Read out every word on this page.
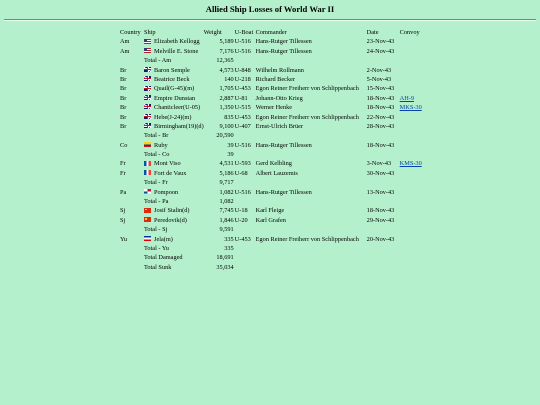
Allied Ship Losses of World War II
Country	Ship	Weight	U-Boat	Commander	Date	Convoy
Am	Elizabeth Kellogg	5,189	U-516	Hans-Rutger Tillessen	23-Nov-43	
Am	Melville E. Stone	7,176	U-516	Hans-Rutger Tillessen	24-Nov-43	
	Total - Am	12,365				
Br	Baron Semple	4,573	U-848	Wilhelm Rollmann	2-Nov-43	
Br	Beatrice Beck	140	U-218	Richard Becker	5-Nov-43	
Br	Quail(G-45)(m)	1,705	U-453	Egon Reiner Freiherr von Schlippenbach	15-Nov-43	
Br	Empire Dunstan	2,887	U-81	Johann-Otto Krieg	18-Nov-43	AH-9
Br	Chanticleer(U-05)	1,350	U-515	Werner Henke	18-Nov-43	MKS-30
Br	Hebe(J-24)(m)	835	U-453	Egon Reiner Freiherr von Schlippenbach	22-Nov-43	
Br	Birmingham(19)(d)	9,100	U-407	Ernst-Ulrich Brüer	28-Nov-43	
	Total - Br	20,590				
Co	Ruby	39	U-516	Hans-Rutger Tillessen	18-Nov-43	
	Total - Co	39				
Fr	Mont Viso	4,531	U-593	Gerd Kelbling	3-Nov-43	KMS-30
Fr	Fort de Vaux	5,186	U-68	Albert Lauzemis	30-Nov-43	
	Total - Fr	9,717				
Pa	Pompoon	1,082	U-516	Hans-Rutger Tillessen	13-Nov-43	
	Total - Pa	1,082				
Sj	Josif Stalin(d)	7,745	U-18	Karl Fleige	18-Nov-43	
Sj	Peredovik(d)	1,846	U-20	Karl Grafen	29-Nov-43	
	Total - Sj	9,591				
Yu	Jela(m)	335	U-453	Egon Reiner Freiherr von Schlippenbach	20-Nov-43	
	Total - Yu	335				
	Total Damaged	18,691				
	Total Sunk	35,034				
